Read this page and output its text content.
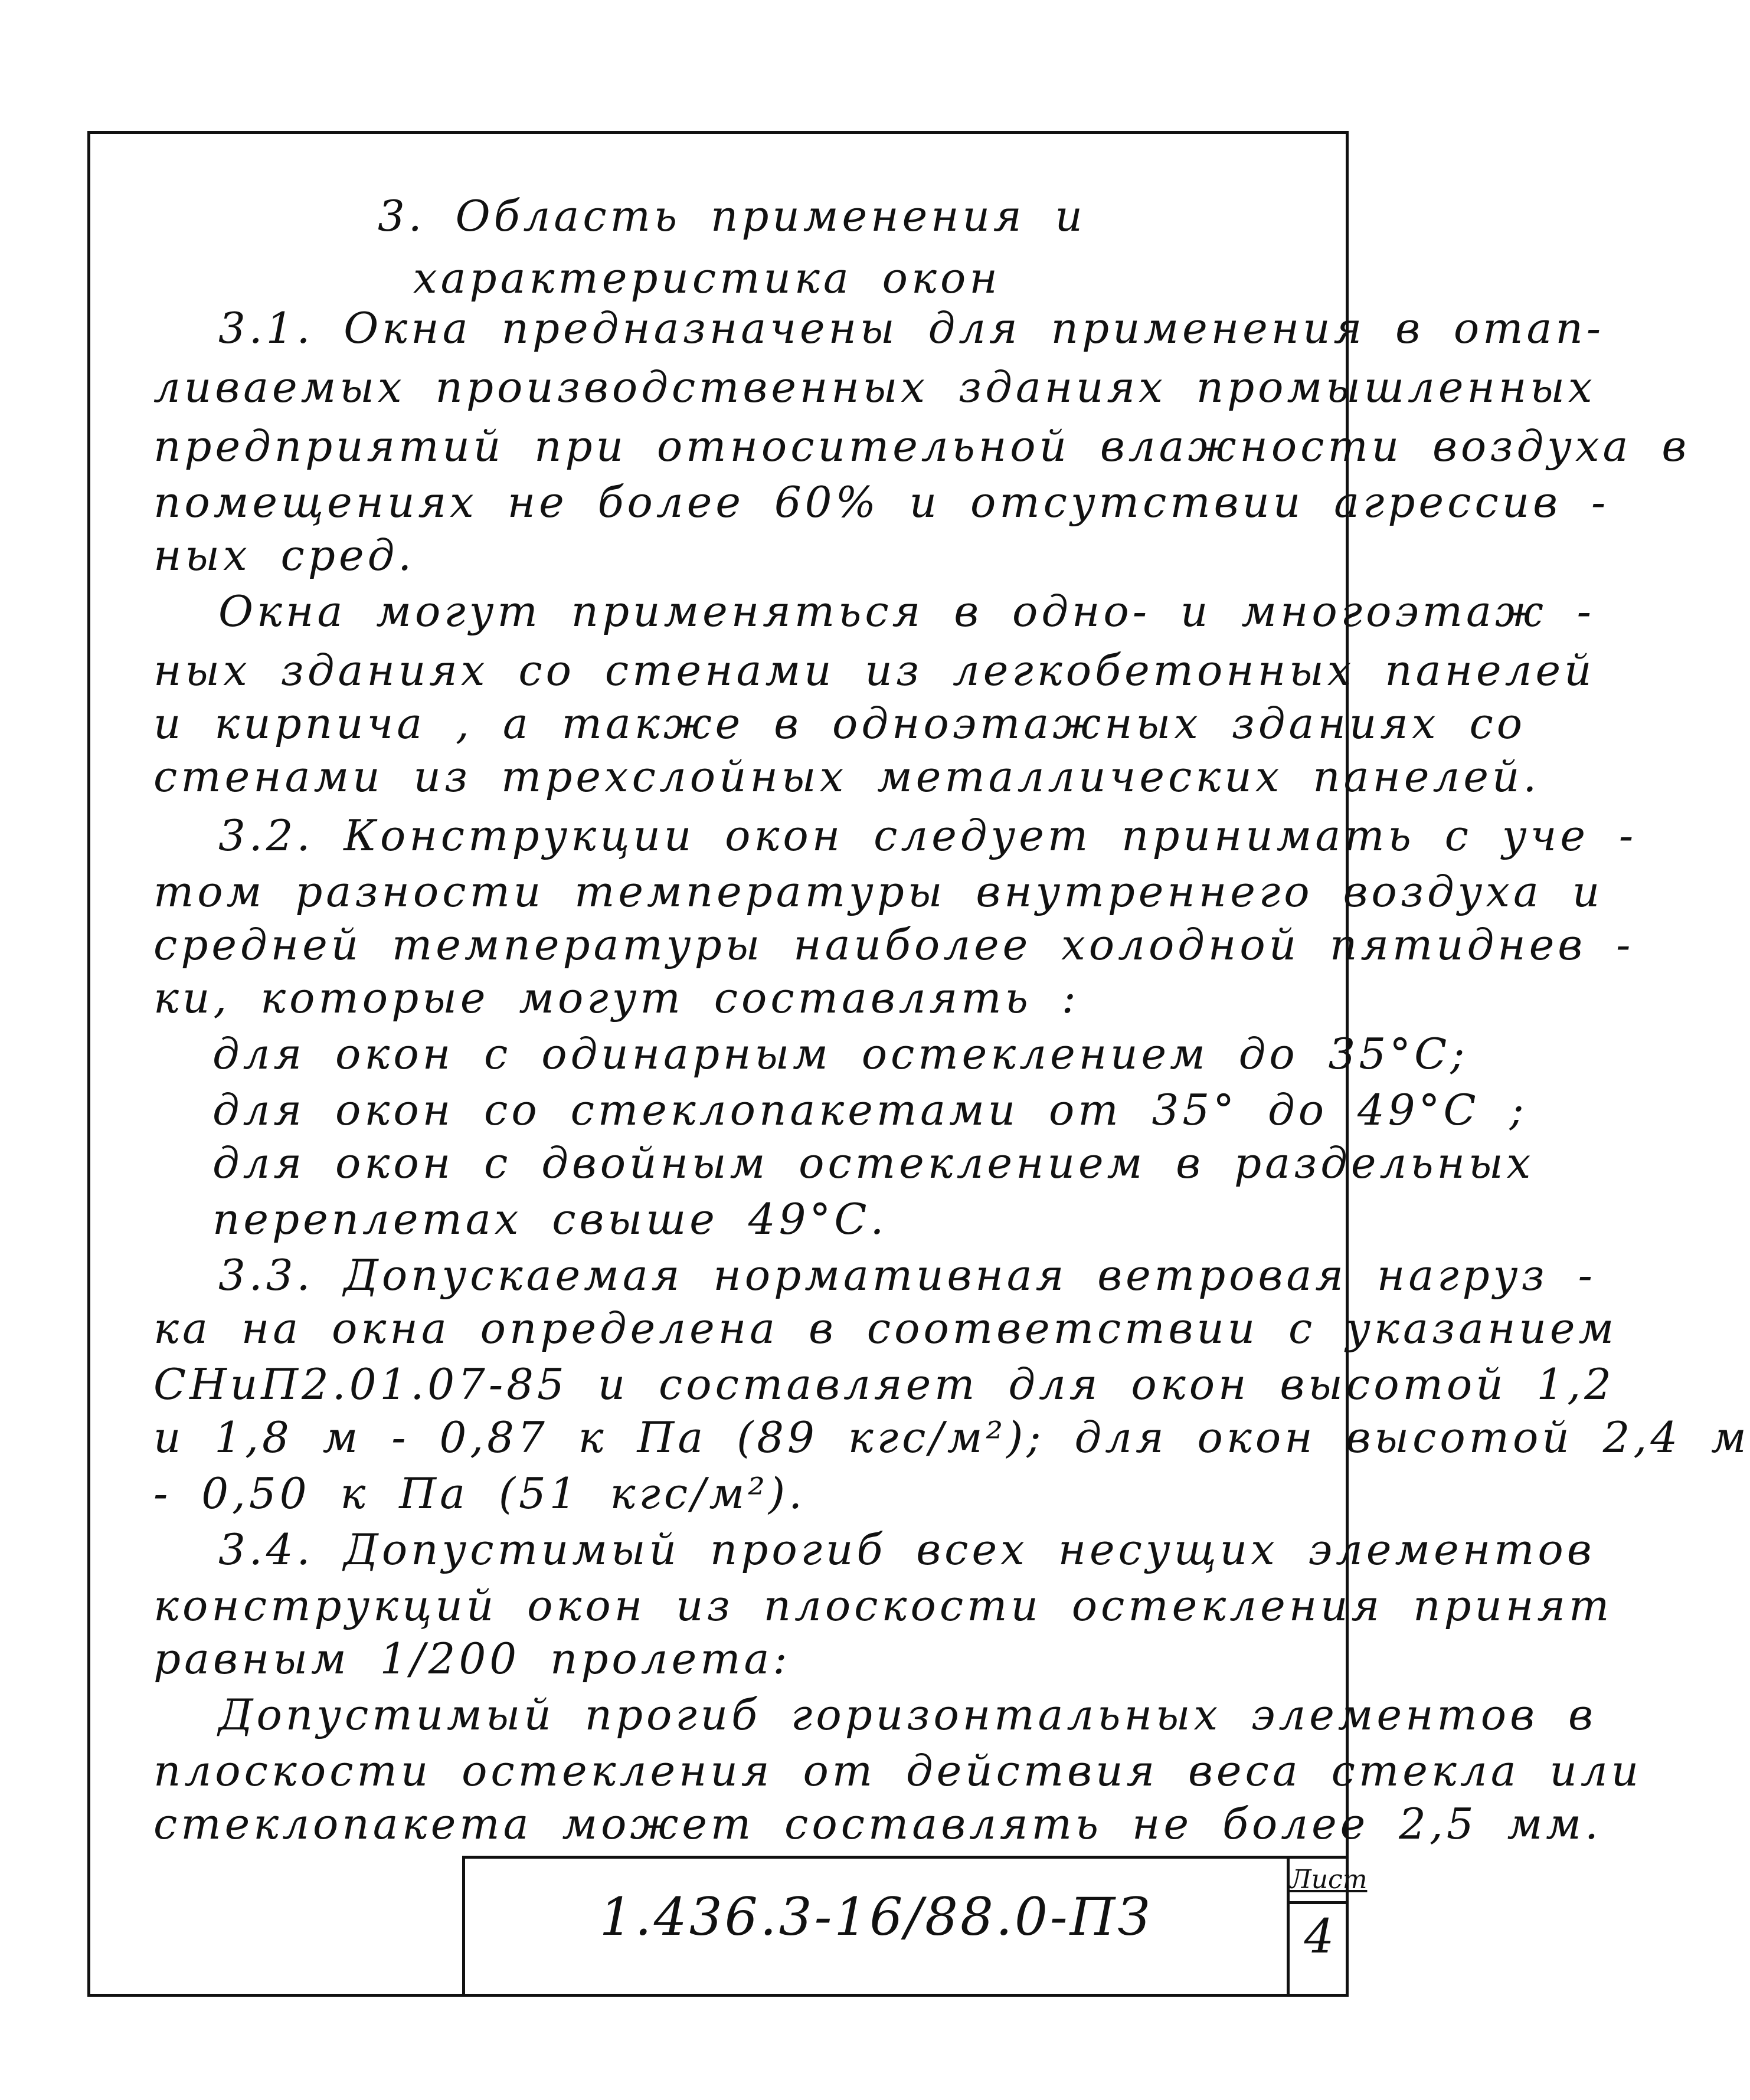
3. Область применения и
характеристика окон
3.1. Окна предназначены для применения в отап-
ливаемых производственных зданиях промышленных
предприятий при относительной влажности воздуха в
помещениях не более 60% и отсутствии агрессив -
ных сред.
Окна могут применяться в одно- и многоэтаж -
ных зданиях со стенами из легкобетонных панелей
и кирпича , а также в одноэтажных зданиях со
стенами из трехслойных металлических панелей.
3.2. Конструкции окон следует принимать с уче -
том разности температуры внутреннего воздуха и
средней температуры наиболее холодной пятиднев -
ки, которые могут составлять :
для окон с одинарным остеклением до 35°С;
для окон со стеклопакетами от 35° до 49°С ;
для окон с двойным остеклением в раздельных
переплетах свыше 49°С.
3.3. Допускаемая нормативная ветровая нагруз -
ка на окна определена в соответствии с указанием
СНиП2.01.07-85 и составляет для окон высотой 1,2
и 1,8 м - 0,87 к Па (89 кгс/м²); для окон высотой 2,4 м
- 0,50 к Па (51 кгс/м²).
3.4. Допустимый прогиб всех несущих элементов
конструкций окон из плоскости остекления принят
равным 1/200 пролета:
Допустимый прогиб горизонтальных элементов в
плоскости остекления от действия веса стекла или
стеклопакета может составлять не более 2,5 мм.
1.436.3-16/88.0-ПЗ
Лист
4
